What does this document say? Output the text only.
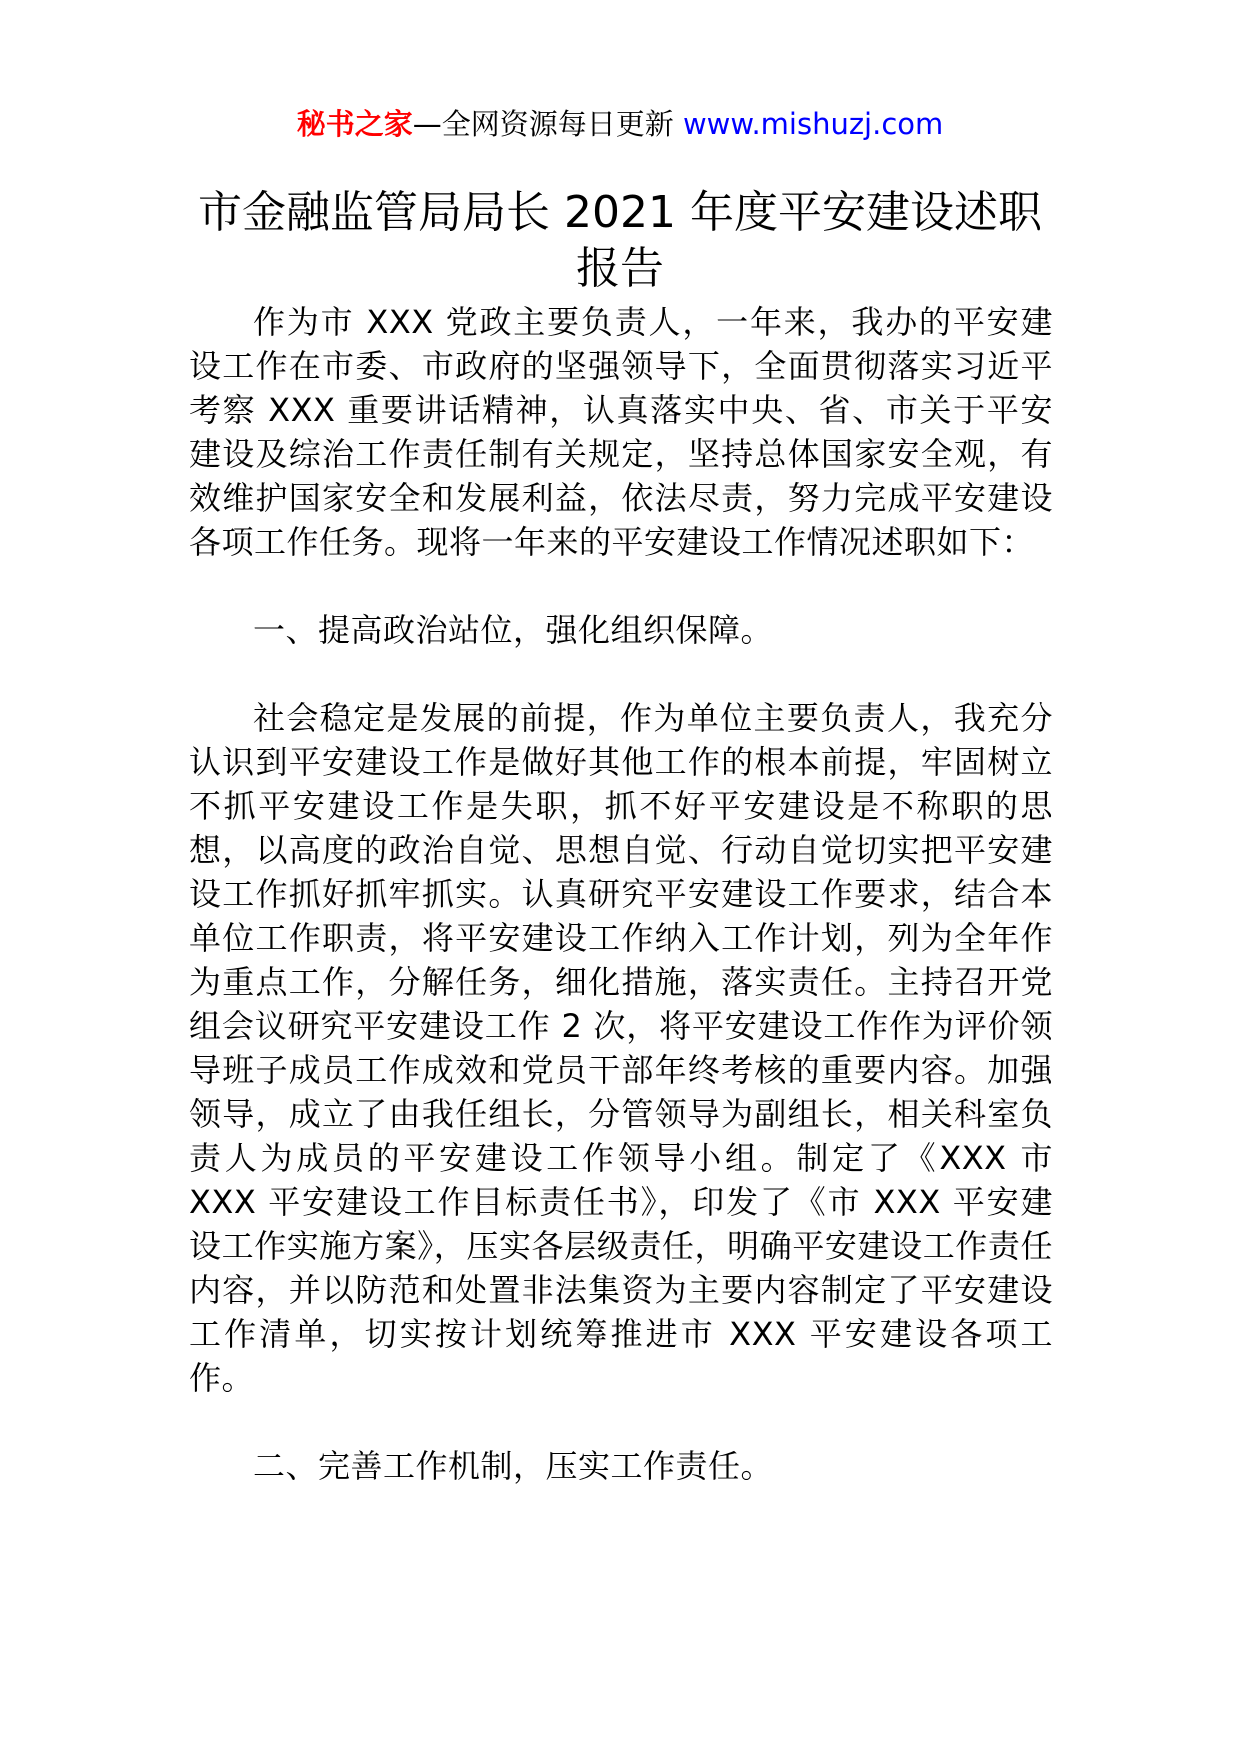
秘书之家—全网资源每日更新 www.mishuzj.com
市金融监管局局长 2021 年度平安建设述职报告

作为市 XXX 党政主要负责人，一年来，我办的平安建设工作在市委、市政府的坚强领导下，全面贯彻落实习近平考察 XXX 重要讲话精神，认真落实中央、省、市关于平安建设及综治工作责任制有关规定，坚持总体国家安全观，有效维护国家安全和发展利益，依法尽责，努力完成平安建设各项工作任务。现将一年来的平安建设工作情况述职如下：

一、提高政治站位，强化组织保障。

社会稳定是发展的前提，作为单位主要负责人，我充分认识到平安建设工作是做好其他工作的根本前提，牢固树立不抓平安建设工作是失职，抓不好平安建设是不称职的思想，以高度的政治自觉、思想自觉、行动自觉切实把平安建设工作抓好抓牢抓实。认真研究平安建设工作要求，结合本单位工作职责，将平安建设工作纳入工作计划，列为全年作为重点工作，分解任务，细化措施，落实责任。主持召开党组会议研究平安建设工作 2 次，将平安建设工作作为评价领导班子成员工作成效和党员干部年终考核的重要内容。加强领导，成立了由我任组长，分管领导为副组长，相关科室负责人为成员的平安建设工作领导小组。制定了《XXX 市 XXX 平安建设工作目标责任书》，印发了《市 XXX 平安建设工作实施方案》，压实各层级责任，明确平安建设工作责任内容，并以防范和处置非法集资为主要内容制定了平安建设工作清单，切实按计划统筹推进市 XXX 平安建设各项工作。

二、完善工作机制，压实工作责任。
